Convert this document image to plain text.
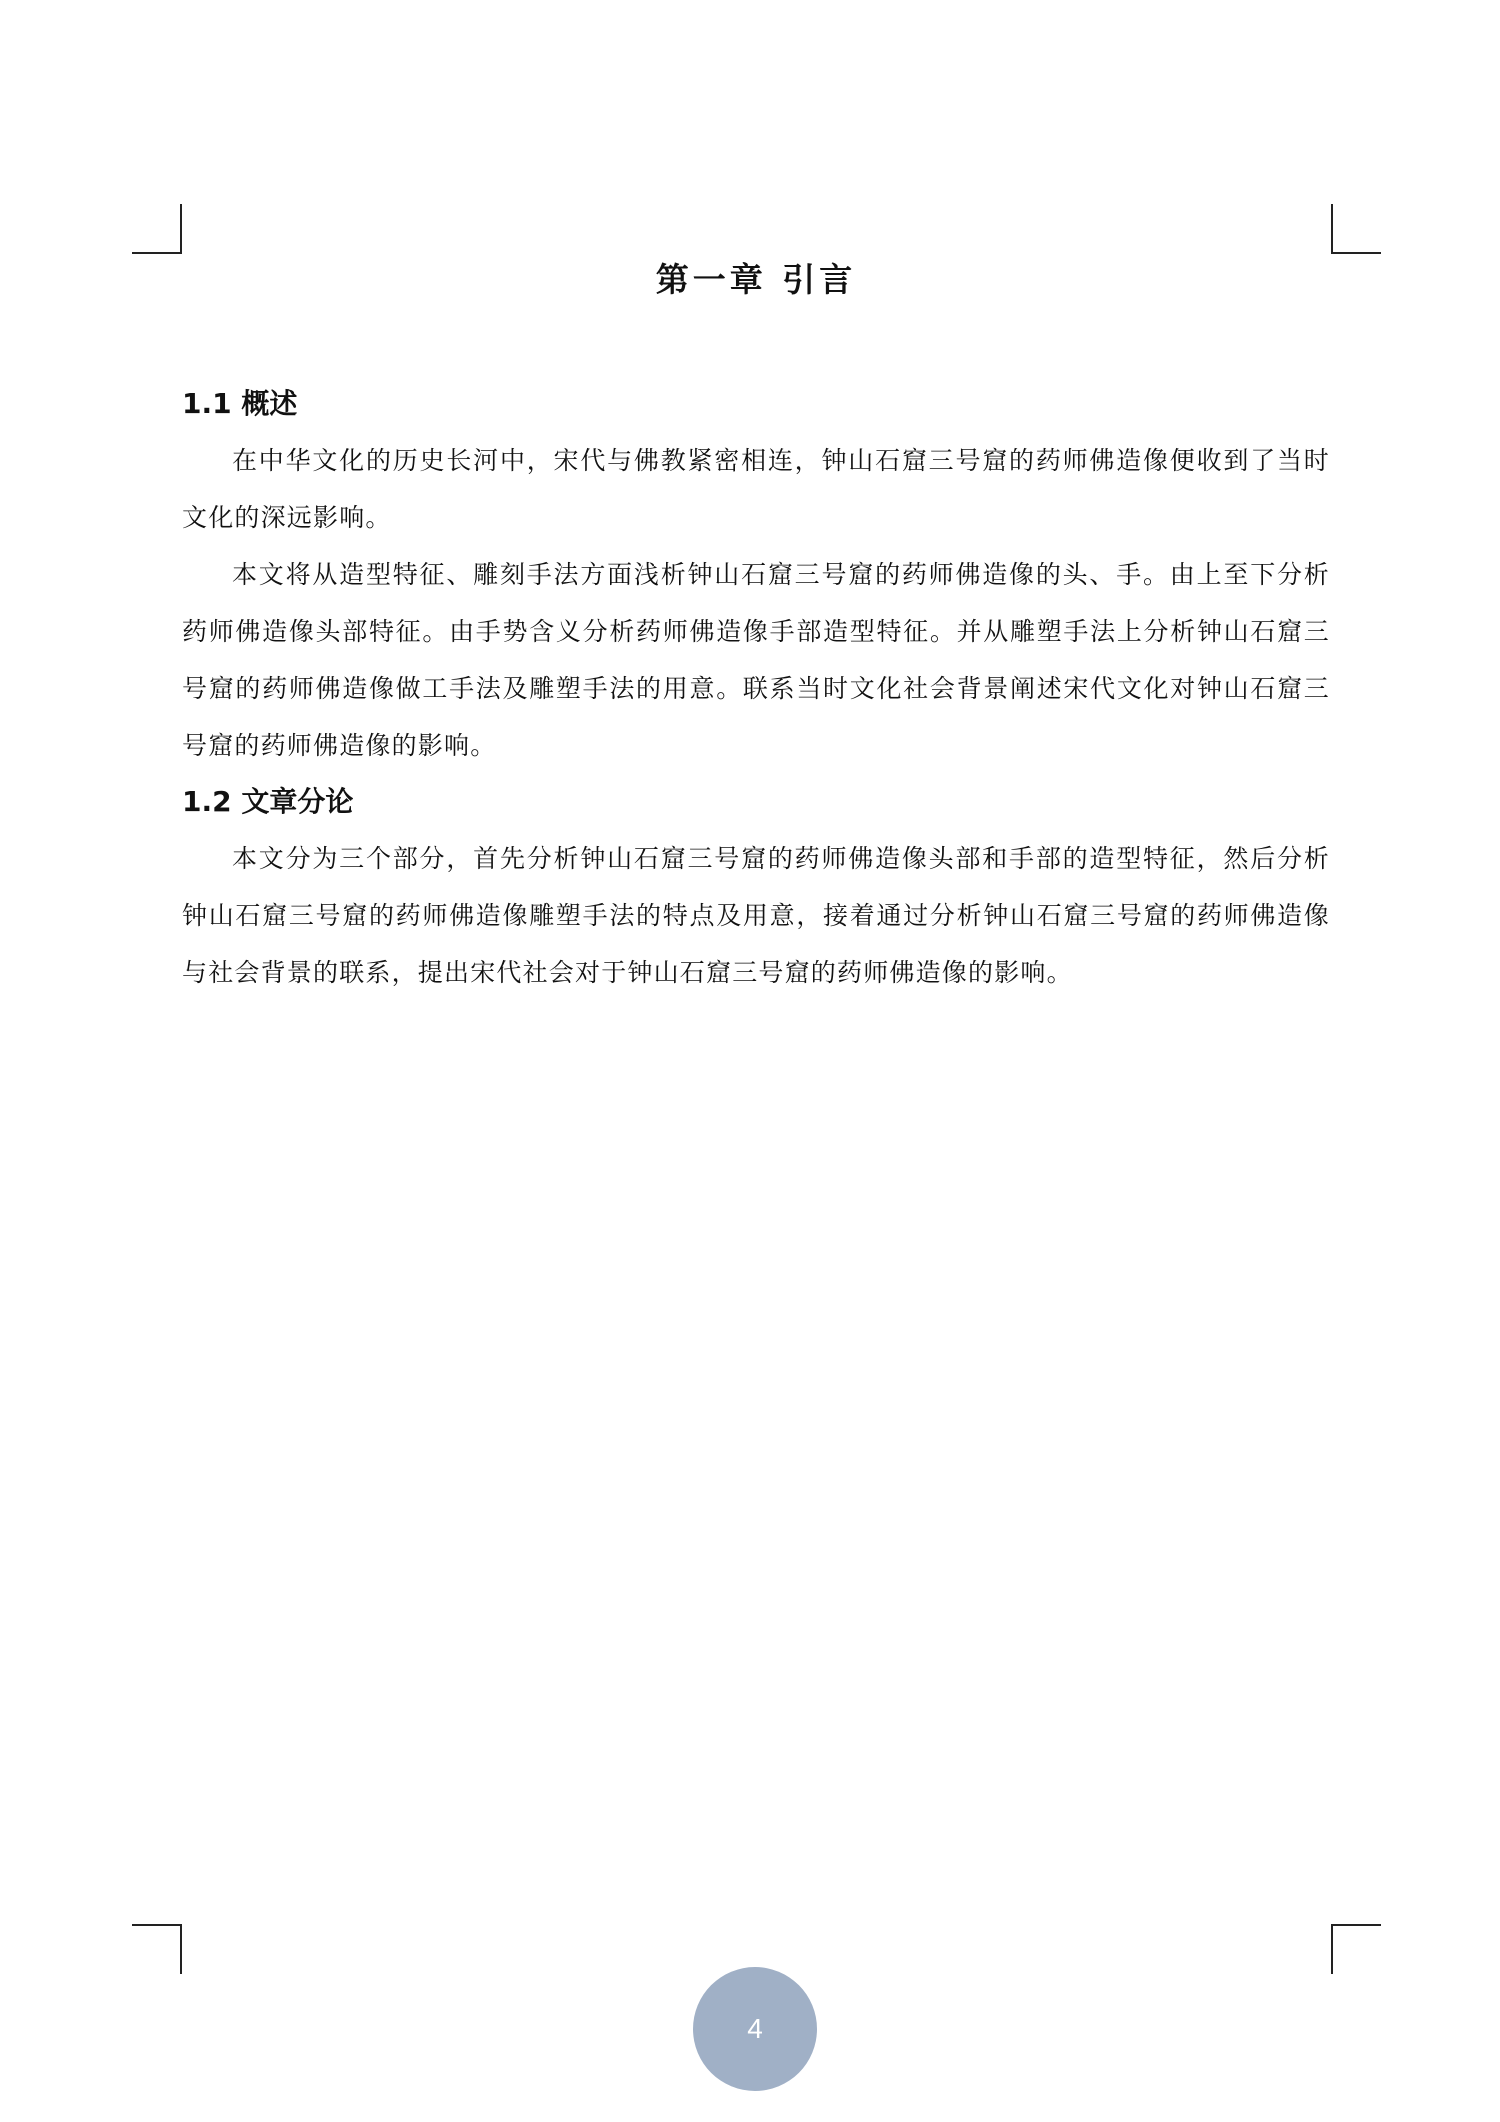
第一章 引言
1.1 概述

在中华文化的历史长河中，宋代与佛教紧密相连，钟山石窟三号窟的药师佛造像便收到了当时文化的深远影响。

本文将从造型特征、雕刻手法方面浅析钟山石窟三号窟的药师佛造像的头、手。由上至下分析药师佛造像头部特征。由手势含义分析药师佛造像手部造型特征。并从雕塑手法上分析钟山石窟三号窟的药师佛造像做工手法及雕塑手法的用意。联系当时文化社会背景阐述宋代文化对钟山石窟三号窟的药师佛造像的影响。

1.2 文章分论

本文分为三个部分，首先分析钟山石窟三号窟的药师佛造像头部和手部的造型特征，然后分析钟山石窟三号窟的药师佛造像雕塑手法的特点及用意，接着通过分析钟山石窟三号窟的药师佛造像与社会背景的联系，提出宋代社会对于钟山石窟三号窟的药师佛造像的影响。

4
